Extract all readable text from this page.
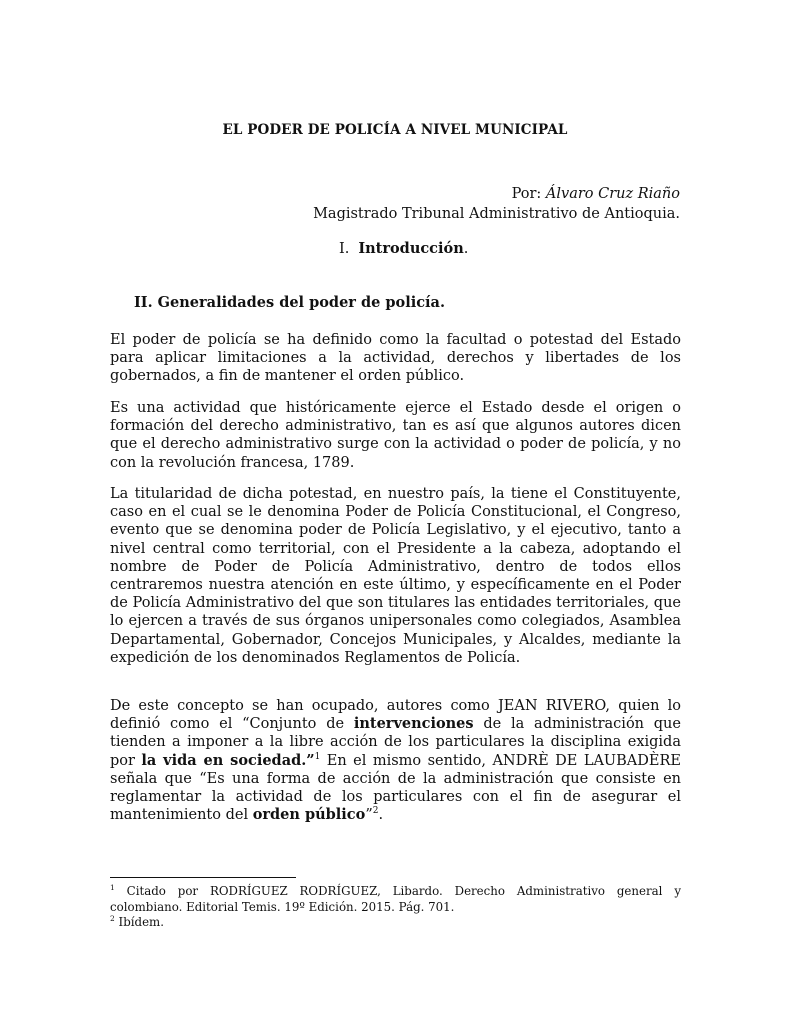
EL PODER DE POLICÍA A NIVEL MUNICIPAL
Por: Álvaro Cruz Riaño
Magistrado Tribunal Administrativo de Antioquia.
I. Introducción.
II. Generalidades del poder de policía.

El poder de policía se ha definido como la facultad o potestad del Estado para aplicar limitaciones a la actividad, derechos y libertades de los gobernados, a fin de mantener el orden público.

Es una actividad que históricamente ejerce el Estado desde el origen o formación del derecho administrativo, tan es así que algunos autores dicen que el derecho administrativo surge con la actividad o poder de policía, y no con la revolución francesa, 1789.

La titularidad de dicha potestad, en nuestro país, la tiene el Constituyente, caso en el cual se le denomina Poder de Policía Constitucional, el Congreso, evento que se denomina poder de Policía Legislativo, y el ejecutivo, tanto a nivel central como territorial, con el Presidente a la cabeza, adoptando el nombre de Poder de Policía Administrativo, dentro de todos ellos centraremos nuestra atención en este último, y específicamente en el Poder de Policía Administrativo del que son titulares las entidades territoriales, que lo ejercen a través de sus órganos unipersonales como colegiados, Asamblea Departamental, Gobernador, Concejos Municipales, y Alcaldes, mediante la expedición de los denominados Reglamentos de Policía.

De este concepto se han ocupado, autores como JEAN RIVERO, quien lo definió como el “Conjunto de intervenciones de la administración que tienden a imponer a la libre acción de los particulares la disciplina exigida por la vida en sociedad.”$^1$ En el mismo sentido, ANDRÈ DE LAUBADÈRE señala que “Es una forma de acción de la administración que consiste en reglamentar la actividad de los particulares con el fin de asegurar el mantenimiento del orden público”$^2$.

$^1$ Citado por RODRÍGUEZ RODRÍGUEZ, Libardo. Derecho Administrativo general y colombiano. Editorial Temis. 19º Edición. 2015. Pág. 701.

$^2$ Ibídem.
